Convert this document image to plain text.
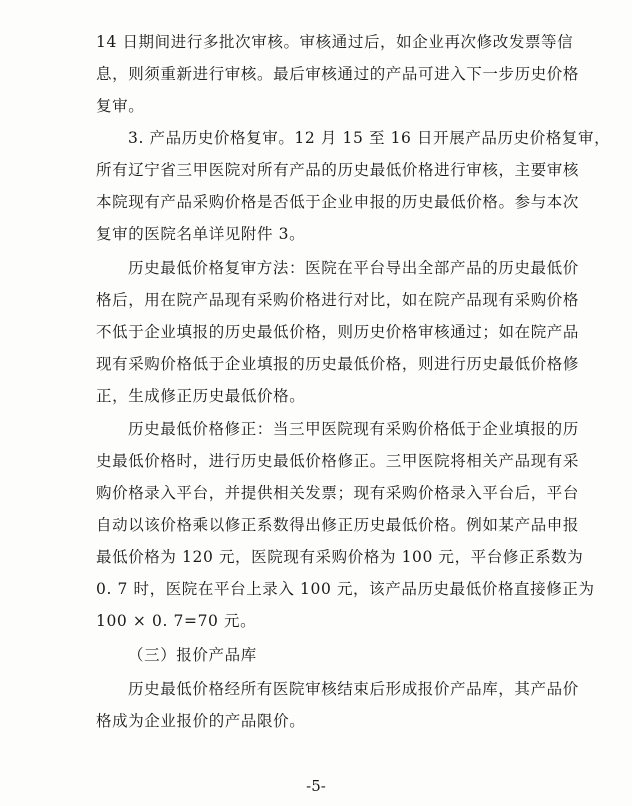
14 日期间进行多批次审核。审核通过后，如企业再次修改发票等信
息，则须重新进行审核。最后审核通过的产品可进入下一步历史价格
复审。
3. 产品历史价格复审。12 月 15 至 16 日开展产品历史价格复审，
所有辽宁省三甲医院对所有产品的历史最低价格进行审核，主要审核
本院现有产品采购价格是否低于企业申报的历史最低价格。参与本次
复审的医院名单详见附件 3。
历史最低价格复审方法：医院在平台导出全部产品的历史最低价
格后，用在院产品现有采购价格进行对比，如在院产品现有采购价格
不低于企业填报的历史最低价格，则历史价格审核通过；如在院产品
现有采购价格低于企业填报的历史最低价格，则进行历史最低价格修
正，生成修正历史最低价格。
历史最低价格修正：当三甲医院现有采购价格低于企业填报的历
史最低价格时，进行历史最低价格修正。三甲医院将相关产品现有采
购价格录入平台，并提供相关发票；现有采购价格录入平台后，平台
自动以该价格乘以修正系数得出修正历史最低价格。例如某产品申报
最低价格为 120 元，医院现有采购价格为 100 元，平台修正系数为
0. 7 时，医院在平台上录入 100 元，该产品历史最低价格直接修正为
100 × 0. 7=70 元。
（三）报价产品库
历史最低价格经所有医院审核结束后形成报价产品库，其产品价
格成为企业报价的产品限价。
-5-
